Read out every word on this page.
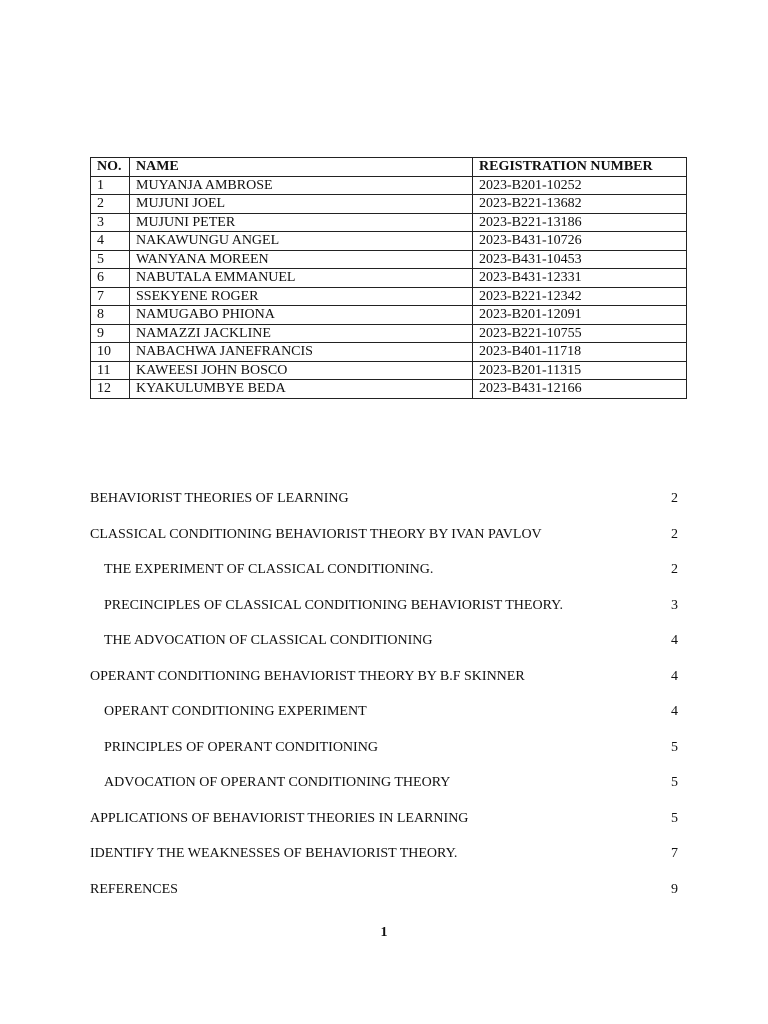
NO.	NAME	REGISTRATION NUMBER
1	MUYANJA AMBROSE	2023-B201-10252
2	MUJUNI JOEL	2023-B221-13682
3	MUJUNI PETER	2023-B221-13186
4	NAKAWUNGU ANGEL	2023-B431-10726
5	WANYANA MOREEN	2023-B431-10453
6	NABUTALA EMMANUEL	2023-B431-12331
7	SSEKYENE ROGER	2023-B221-12342
8	NAMUGABO PHIONA	2023-B201-12091
9	NAMAZZI JACKLINE	2023-B221-10755
10	NABACHWA JANEFRANCIS	2023-B401-11718
11	KAWEESI JOHN BOSCO	2023-B201-11315
12	KYAKULUMBYE BEDA	2023-B431-12166
BEHAVIORIST THEORIES OF LEARNING	2
CLASSICAL CONDITIONING BEHAVIORIST THEORY BY IVAN PAVLOV	2
THE EXPERIMENT OF CLASSICAL CONDITIONING.	2
PRECINCIPLES OF CLASSICAL CONDITIONING BEHAVIORIST THEORY.	3
THE ADVOCATION OF CLASSICAL CONDITIONING	4
OPERANT CONDITIONING BEHAVIORIST THEORY BY B.F SKINNER	4
OPERANT CONDITIONING EXPERIMENT	4
PRINCIPLES OF OPERANT CONDITIONING	5
ADVOCATION OF OPERANT CONDITIONING THEORY	5
APPLICATIONS OF BEHAVIORIST THEORIES IN LEARNING	5
IDENTIFY THE WEAKNESSES OF BEHAVIORIST THEORY.	7
REFERENCES	9
1
